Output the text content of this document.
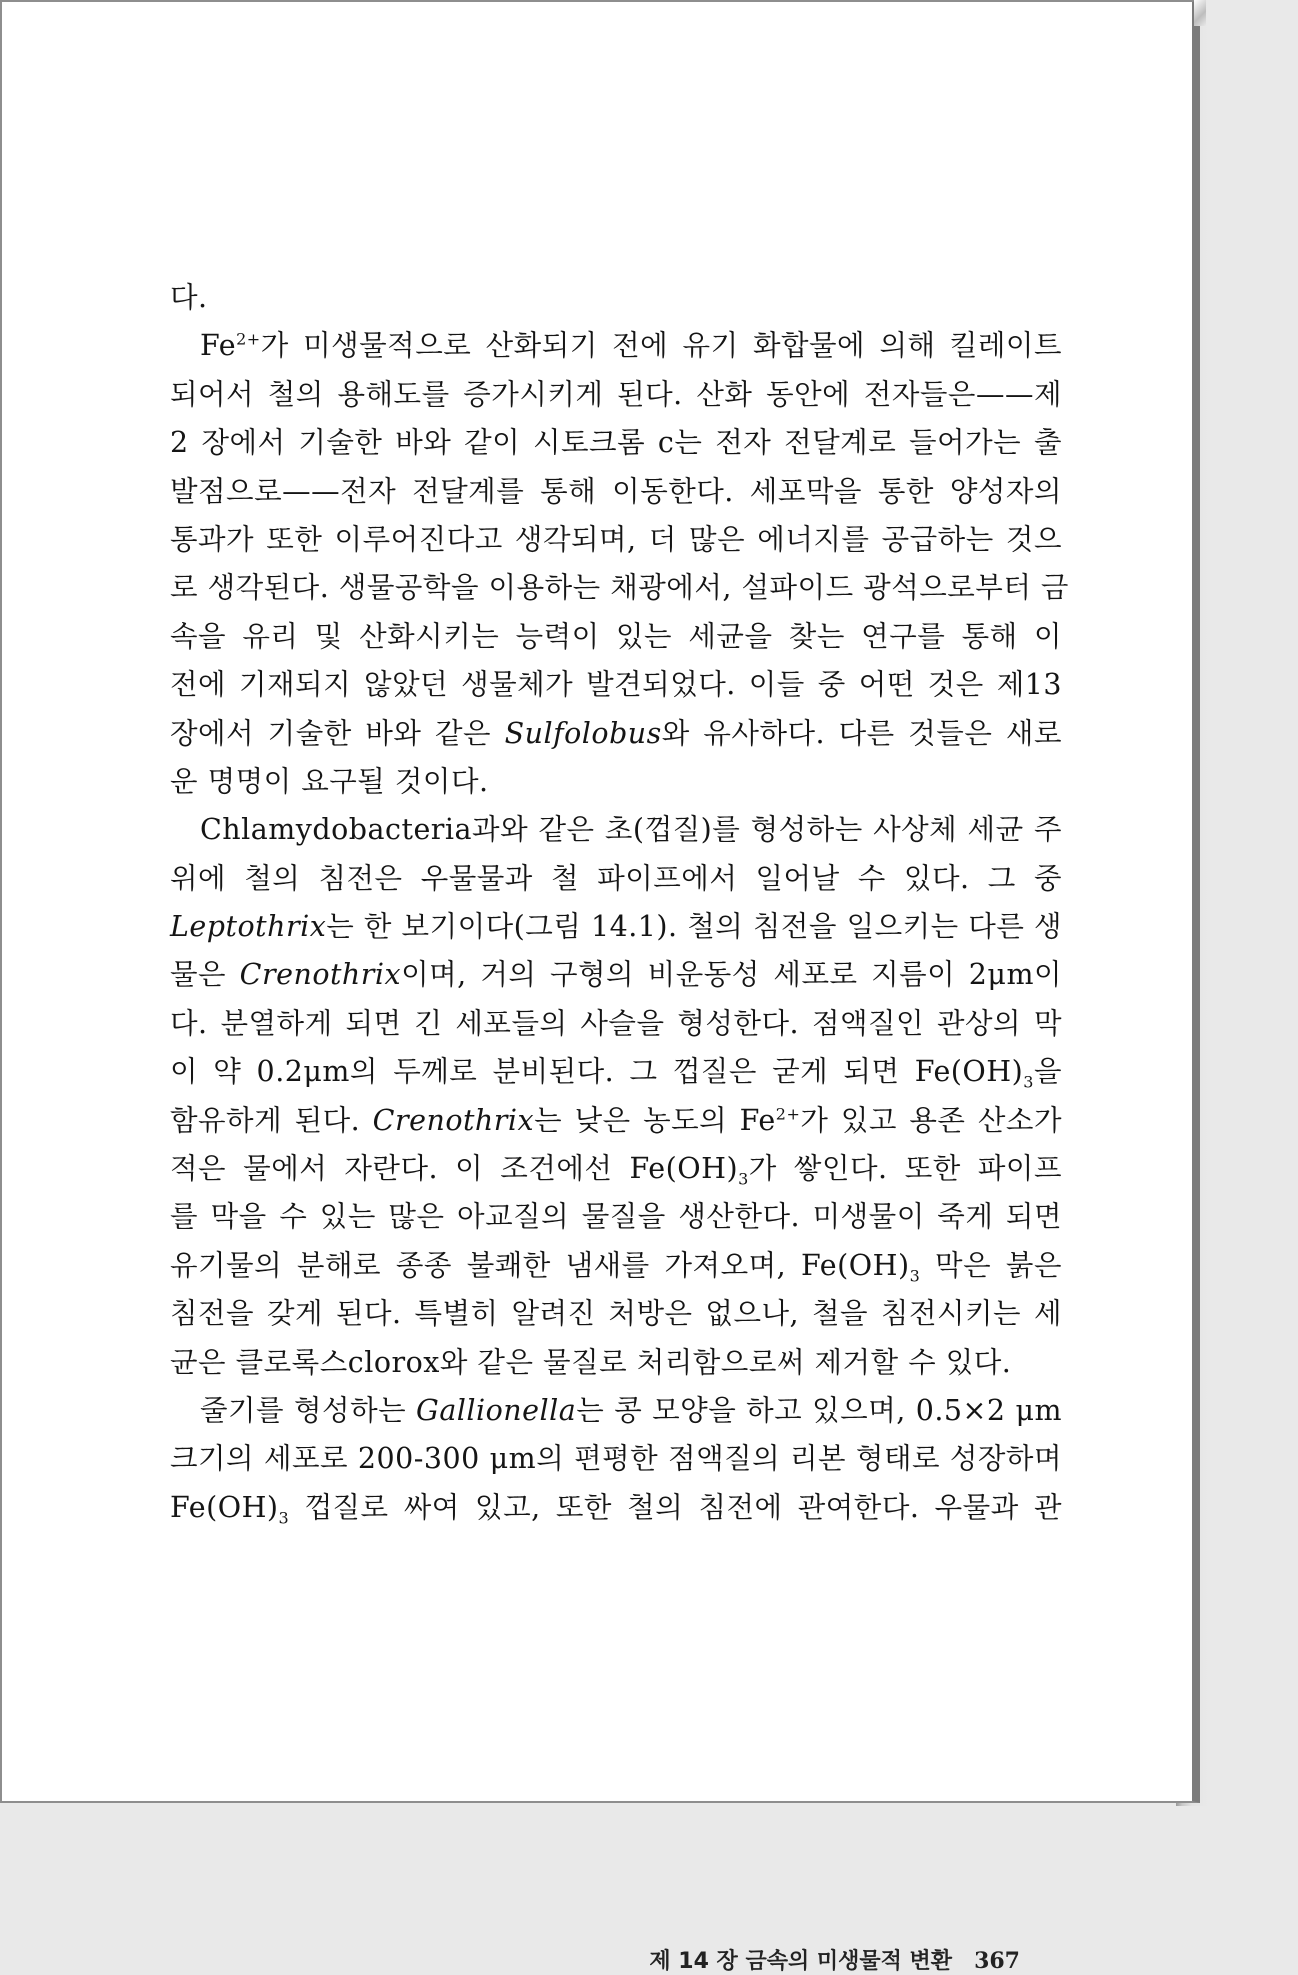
다.
$Fe^{2+}$가 미생물적으로 산화되기 전에 유기 화합물에 의해 킬레이트
되어서 철의 용해도를 증가시키게 된다. 산화 동안에 전자들은——제
2 장에서 기술한 바와 같이 시토크롬 c는 전자 전달계로 들어가는 출
발점으로——전자 전달계를 통해 이동한다. 세포막을 통한 양성자의
통과가 또한 이루어진다고 생각되며, 더 많은 에너지를 공급하는 것으
로 생각된다. 생물공학을 이용하는 채광에서, 설파이드 광석으로부터 금
속을 유리 및 산화시키는 능력이 있는 세균을 찾는 연구를 통해 이
전에 기재되지 않았던 생물체가 발견되었다. 이들 중 어떤 것은 제13
장에서 기술한 바와 같은 Sulfolobus와 유사하다. 다른 것들은 새로
운 명명이 요구될 것이다.
Chlamydobacteria과와 같은 초(껍질)를 형성하는 사상체 세균 주
위에 철의 침전은 우물물과 철 파이프에서 일어날 수 있다. 그 중
Leptothrix는 한 보기이다(그림 14.1). 철의 침전을 일으키는 다른 생
물은 Crenothrix이며, 거의 구형의 비운동성 세포로 지름이 2μm이
다. 분열하게 되면 긴 세포들의 사슬을 형성한다. 점액질인 관상의 막
이 약 0.2μm의 두께로 분비된다. 그 껍질은 굳게 되면 $Fe(OH)_3$을
함유하게 된다. Crenothrix는 낮은 농도의 $Fe^{2+}$가 있고 용존 산소가
적은 물에서 자란다. 이 조건에선 $Fe(OH)_3$가 쌓인다. 또한 파이프
를 막을 수 있는 많은 아교질의 물질을 생산한다. 미생물이 죽게 되면
유기물의 분해로 종종 불쾌한 냄새를 가져오며, $Fe(OH)_3$ 막은 붉은
침전을 갖게 된다. 특별히 알려진 처방은 없으나, 철을 침전시키는 세
균은 클로록스clorox와 같은 물질로 처리함으로써 제거할 수 있다.
줄기를 형성하는 Gallionella는 콩 모양을 하고 있으며, 0.5×2 μm
크기의 세포로 200-300 μm의 편평한 점액질의 리본 형태로 성장하며
$Fe(OH)_3$ 껍질로 싸여 있고, 또한 철의 침전에 관여한다. 우물과 관
제 14 장 금속의 미생물적 변환 367
